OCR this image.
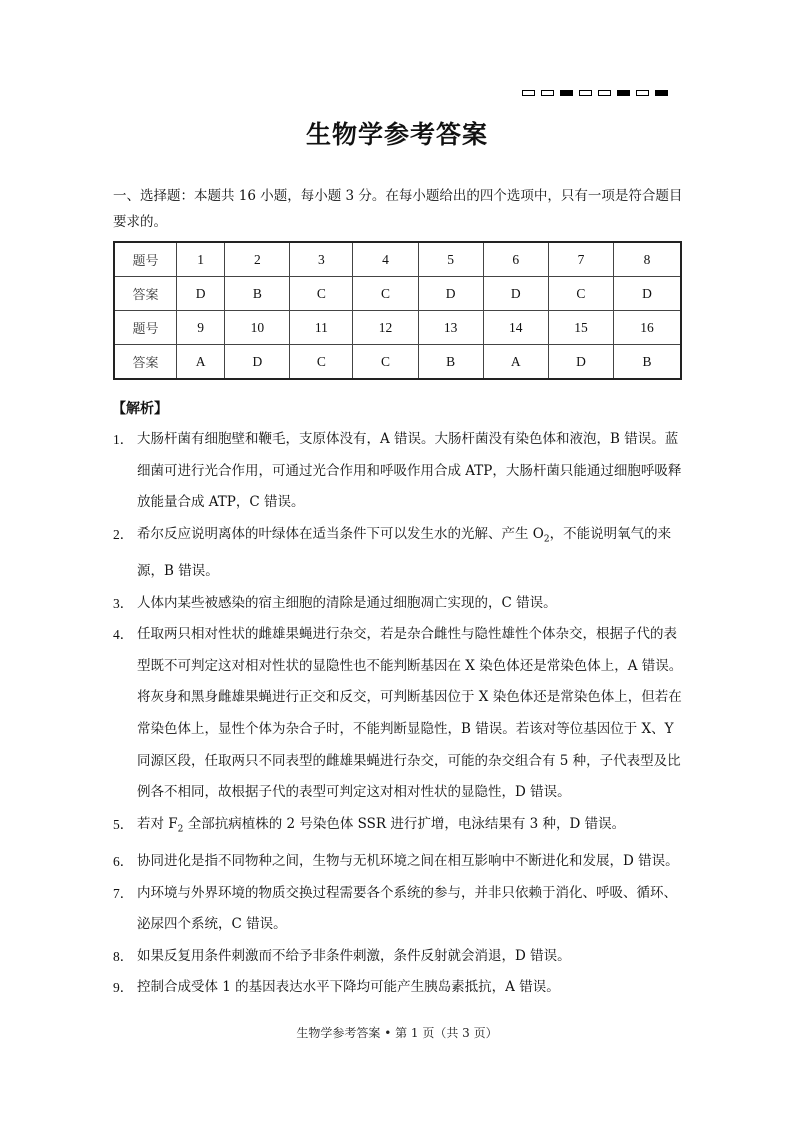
生物学参考答案
一、选择题：本题共 16 小题，每小题 3 分。在每小题给出的四个选项中，只有一项是符合题目要求的。
题号	1	2	3	4	5	6	7	8
答案	D	B	C	C	D	D	C	D
题号	9	10	11	12	13	14	15	16
答案	A	D	C	C	B	A	D	B
【解析】
1． 大肠杆菌有细胞壁和鞭毛，支原体没有，A 错误。大肠杆菌没有染色体和液泡，B 错误。蓝细菌可进行光合作用，可通过光合作用和呼吸作用合成 ATP，大肠杆菌只能通过细胞呼吸释放能量合成 ATP，C 错误。
2． 希尔反应说明离体的叶绿体在适当条件下可以发生水的光解、产生 $O_2$，不能说明氧气的来源，B 错误。
3． 人体内某些被感染的宿主细胞的清除是通过细胞凋亡实现的，C 错误。
4． 任取两只相对性状的雌雄果蝇进行杂交，若是杂合雌性与隐性雄性个体杂交，根据子代的表型既不可判定这对相对性状的显隐性也不能判断基因在 X 染色体还是常染色体上，A 错误。将灰身和黑身雌雄果蝇进行正交和反交，可判断基因位于 X 染色体还是常染色体上，但若在常染色体上，显性个体为杂合子时，不能判断显隐性，B 错误。若该对等位基因位于 X、Y 同源区段，任取两只不同表型的雌雄果蝇进行杂交，可能的杂交组合有 5 种，子代表型及比例各不相同，故根据子代的表型可判定这对相对性状的显隐性，D 错误。
5． 若对 $F_2$ 全部抗病植株的 2 号染色体 SSR 进行扩增，电泳结果有 3 种，D 错误。
6． 协同进化是指不同物种之间，生物与无机环境之间在相互影响中不断进化和发展，D 错误。
7． 内环境与外界环境的物质交换过程需要各个系统的参与，并非只依赖于消化、呼吸、循环、泌尿四个系统，C 错误。
8． 如果反复用条件刺激而不给予非条件刺激，条件反射就会消退，D 错误。
9． 控制合成受体 1 的基因表达水平下降均可能产生胰岛素抵抗，A 错误。
生物学参考答案 • 第 1 页（共 3 页）
